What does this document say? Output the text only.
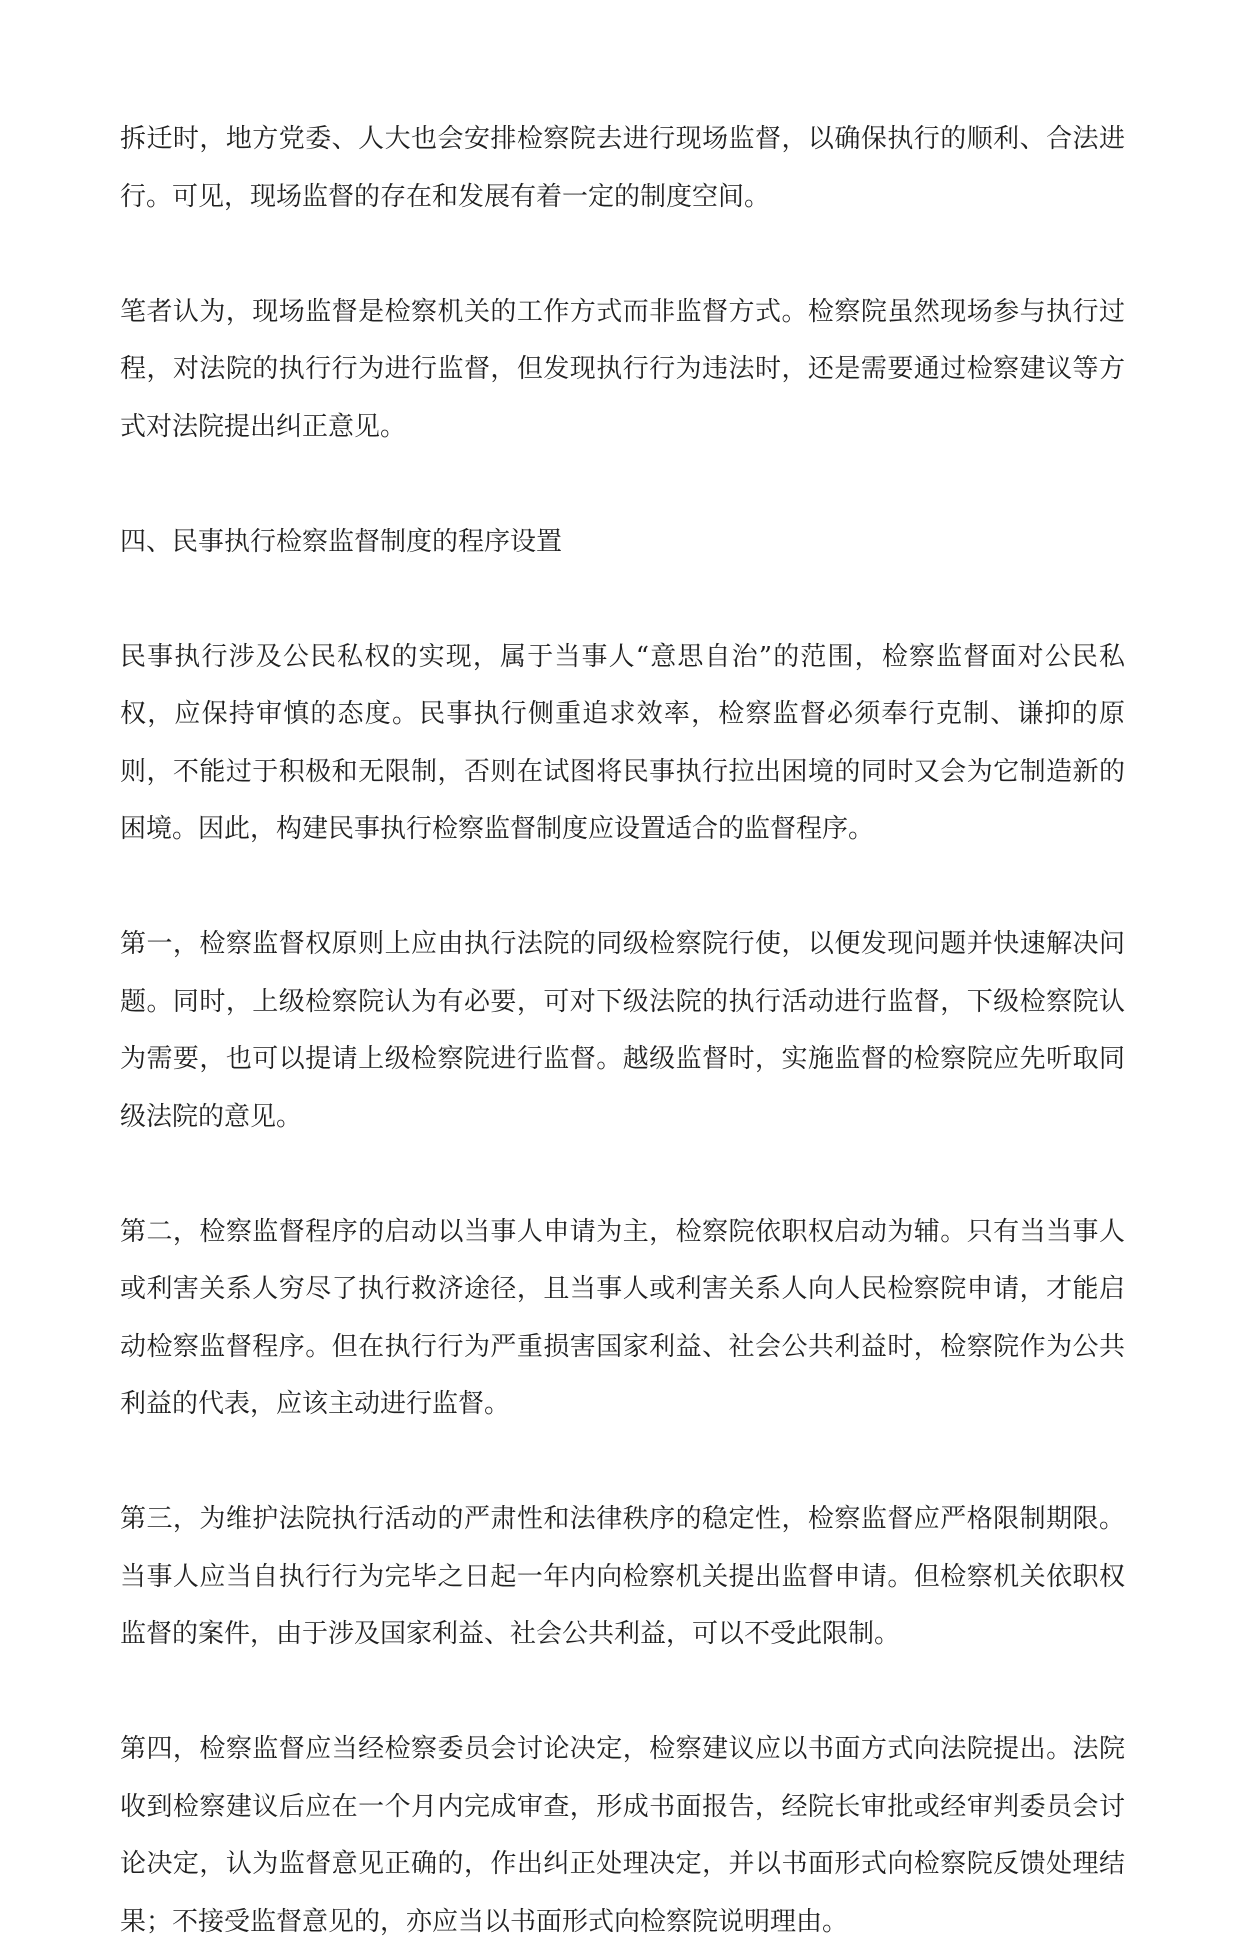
拆迁时，地方党委、人大也会安排检察院去进行现场监督，以确保执行的顺利、合法进行。可见，现场监督的存在和发展有着一定的制度空间。

笔者认为，现场监督是检察机关的工作方式而非监督方式。检察院虽然现场参与执行过程，对法院的执行行为进行监督，但发现执行行为违法时，还是需要通过检察建议等方式对法院提出纠正意见。

四、民事执行检察监督制度的程序设置

民事执行涉及公民私权的实现，属于当事人“意思自治”的范围，检察监督面对公民私权，应保持审慎的态度。民事执行侧重追求效率，检察监督必须奉行克制、谦抑的原则，不能过于积极和无限制，否则在试图将民事执行拉出困境的同时又会为它制造新的困境。因此，构建民事执行检察监督制度应设置适合的监督程序。

第一，检察监督权原则上应由执行法院的同级检察院行使，以便发现问题并快速解决问题。同时，上级检察院认为有必要，可对下级法院的执行活动进行监督，下级检察院认为需要，也可以提请上级检察院进行监督。越级监督时，实施监督的检察院应先听取同级法院的意见。

第二，检察监督程序的启动以当事人申请为主，检察院依职权启动为辅。只有当当事人或利害关系人穷尽了执行救济途径，且当事人或利害关系人向人民检察院申请，才能启动检察监督程序。但在执行行为严重损害国家利益、社会公共利益时，检察院作为公共利益的代表，应该主动进行监督。

第三，为维护法院执行活动的严肃性和法律秩序的稳定性，检察监督应严格限制期限。当事人应当自执行行为完毕之日起一年内向检察机关提出监督申请。但检察机关依职权监督的案件，由于涉及国家利益、社会公共利益，可以不受此限制。

第四，检察监督应当经检察委员会讨论决定，检察建议应以书面方式向法院提出。法院收到检察建议后应在一个月内完成审查，形成书面报告，经院长审批或经审判委员会讨论决定，认为监督意见正确的，作出纠正处理决定，并以书面形式向检察院反馈处理结果；不接受监督意见的，亦应当以书面形式向检察院说明理由。
